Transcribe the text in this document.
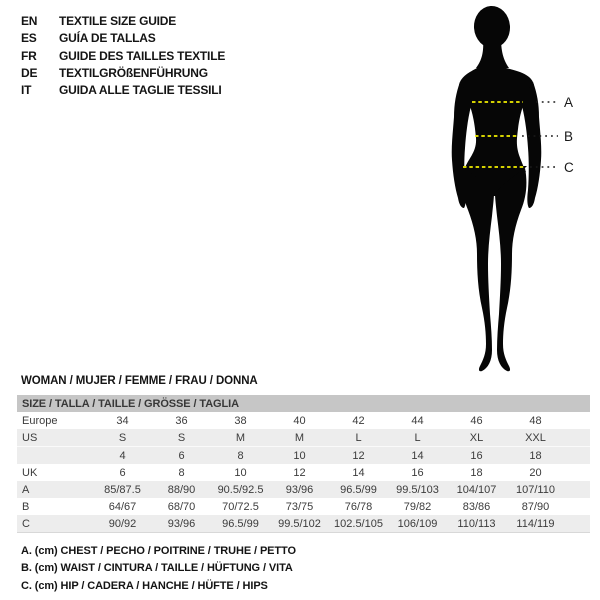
EN	TEXTILE SIZE GUIDE
ES	GUÍA DE TALLAS
FR	GUIDE DES TAILLES TEXTILE
DE	TEXTILGRÖßENFÜHRUNG
IT	GUIDA ALLE TAGLIE TESSILI
A
B
C
WOMAN / MUJER / FEMME / FRAU / DONNA
SIZE / TALLA / TAILLE / GRÖSSE / TAGLIA									
Europe	34	36	38	40	42	44	46	48	
US	S	S	M	M	L	L	XL	XXL	
	4	6	8	10	12	14	16	18	
UK	6	8	10	12	14	16	18	20	
A	85/87.5	88/90	90.5/92.5	93/96	96.5/99	99.5/103	104/107	107/110	
B	64/67	68/70	70/72.5	73/75	76/78	79/82	83/86	87/90	
C	90/92	93/96	96.5/99	99.5/102	102.5/105	106/109	110/113	114/119	
A. (cm) CHEST / PECHO / POITRINE / TRUHE / PETTO
B. (cm) WAIST / CINTURA / TAILLE / HÜFTUNG / VITA
C. (cm) HIP / CADERA / HANCHE / HÜFTE / HIPS
